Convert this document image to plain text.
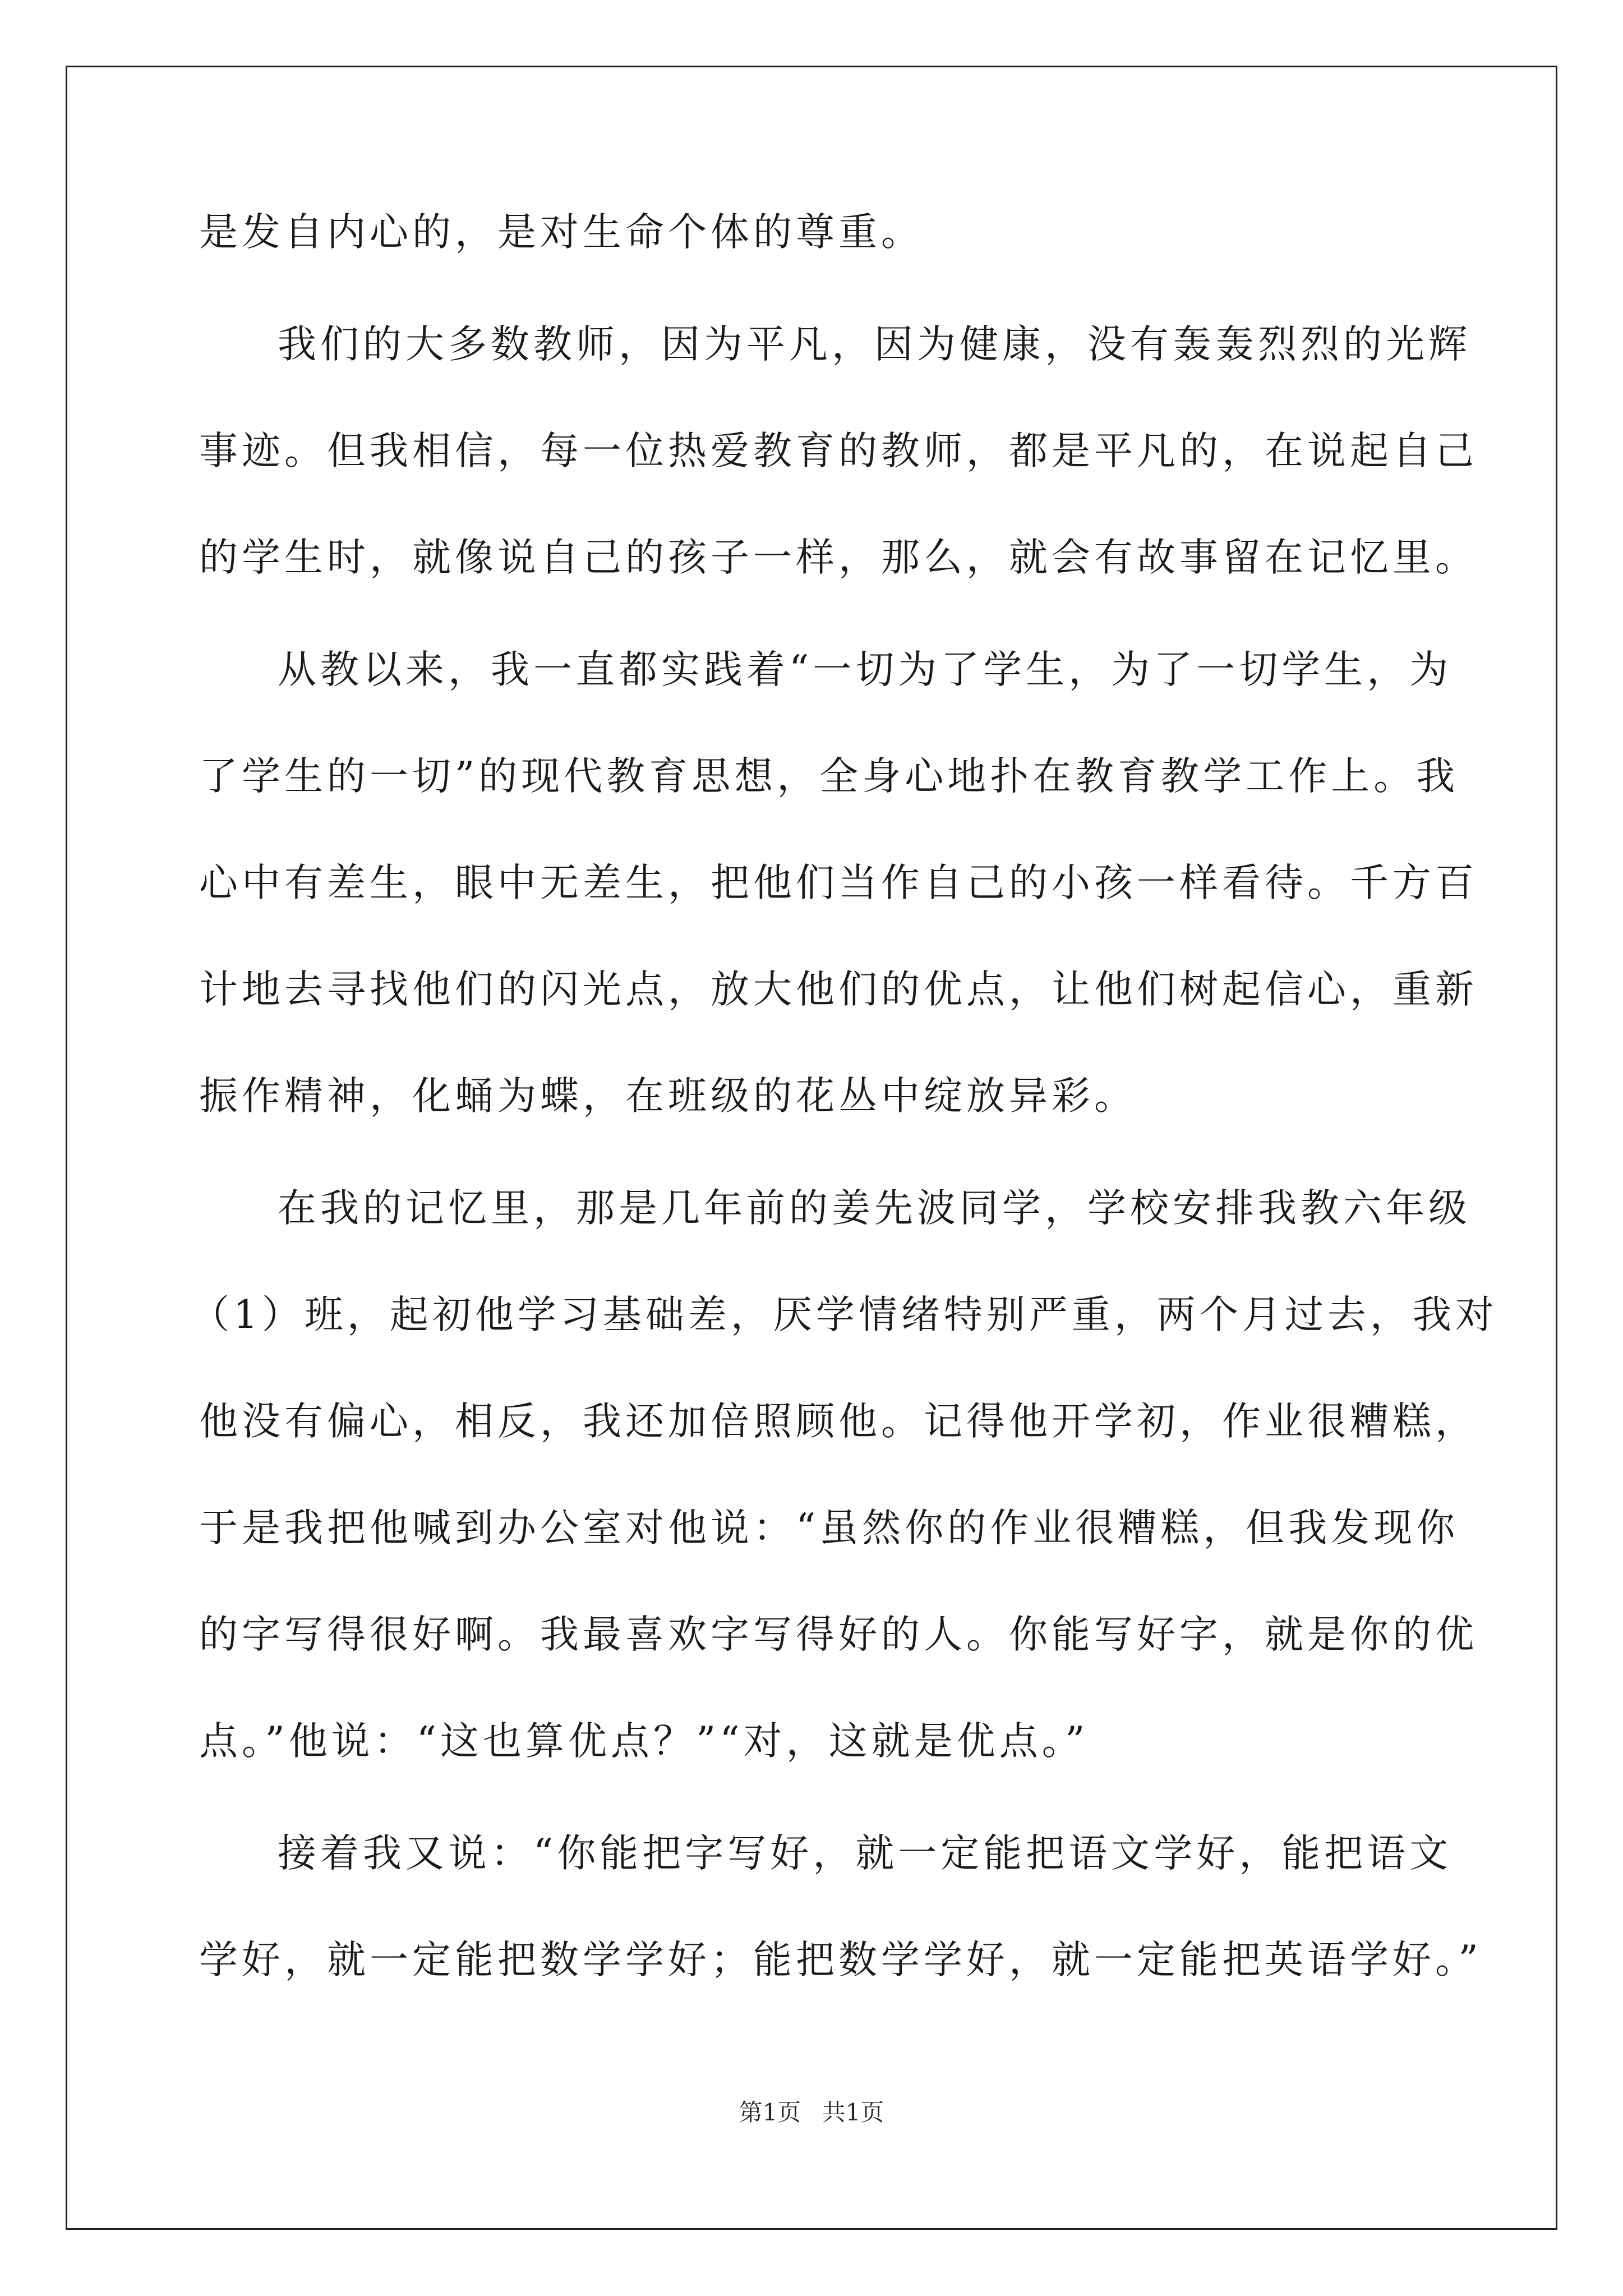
是发自内心的，是对生命个体的尊重。
我们的大多数教师，因为平凡，因为健康，没有轰轰烈烈的光辉
事迹。但我相信，每一位热爱教育的教师，都是平凡的，在说起自己
的学生时，就像说自己的孩子一样，那么，就会有故事留在记忆里。
从教以来，我一直都实践着“一切为了学生，为了一切学生，为
了学生的一切”的现代教育思想，全身心地扑在教育教学工作上。我
心中有差生，眼中无差生，把他们当作自己的小孩一样看待。千方百
计地去寻找他们的闪光点，放大他们的优点，让他们树起信心，重新
振作精神，化蛹为蝶，在班级的花丛中绽放异彩。
在我的记忆里，那是几年前的姜先波同学，学校安排我教六年级
（1）班，起初他学习基础差，厌学情绪特别严重，两个月过去，我对
他没有偏心，相反，我还加倍照顾他。记得他开学初，作业很糟糕，
于是我把他喊到办公室对他说：“虽然你的作业很糟糕，但我发现你
的字写得很好啊。我最喜欢字写得好的人。你能写好字，就是你的优
点。”他说：“这也算优点？”“对，这就是优点。”
接着我又说：“你能把字写好，就一定能把语文学好，能把语文
学好，就一定能把数学学好；能把数学学好，就一定能把英语学好。”
第1页 共1页
